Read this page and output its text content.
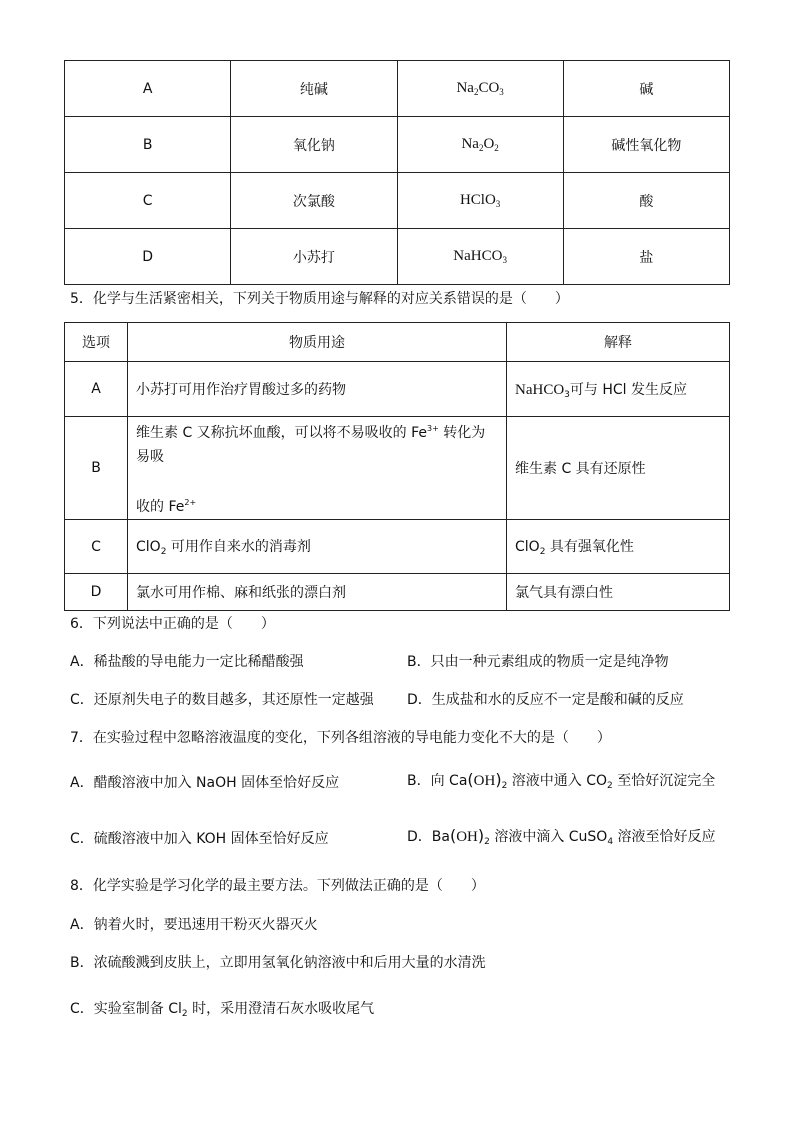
A	纯碱	$Na_2CO_3$	碱
B	氧化钠	$Na_2O_2$	碱性氧化物
C	次氯酸	HClO$_3$	酸
D	小苏打	NaHCO$_3$	盐
5．化学与生活紧密相关，下列关于物质用途与解释的对应关系错误的是（　　）
选项	物质用途	解释
A	小苏打可用作治疗胃酸过多的药物	NaHCO$_3$可与 HCl 发生反应
B	维生素 C 又称抗坏血酸，可以将不易吸收的 $Fe^{3+}$ 转化为易吸
收的 $Fe^{2+}$	维生素 C 具有还原性
C	ClO$_2$ 可用作自来水的消毒剂	ClO$_2$ 具有强氧化性
D	氯水可用作棉、麻和纸张的漂白剂	氯气具有漂白性
6．下列说法中正确的是（　　）
A．稀盐酸的导电能力一定比稀醋酸强	B．只由一种元素组成的物质一定是纯净物
C．还原剂失电子的数目越多，其还原性一定越强 D．生成盐和水的反应不一定是酸和碱的反应
7．在实验过程中忽略溶液温度的变化，下列各组溶液的导电能力变化不大的是（　　）
A．醋酸溶液中加入 NaOH 固体至恰好反应	B．向 $Ca(OH)_2$ 溶液中通入 $CO_2$ 至恰好沉淀完全
C．硫酸溶液中加入 KOH 固体至恰好反应	D．$Ba(OH)_2$ 溶液中滴入 CuSO$_4$ 溶液至恰好反应
8．化学实验是学习化学的最主要方法。下列做法正确的是（　　）
A．钠着火时，要迅速用干粉灭火器灭火
B．浓硫酸溅到皮肤上，立即用氢氧化钠溶液中和后用大量的水清洗
C．实验室制备 $Cl_2$ 时，采用澄清石灰水吸收尾气
